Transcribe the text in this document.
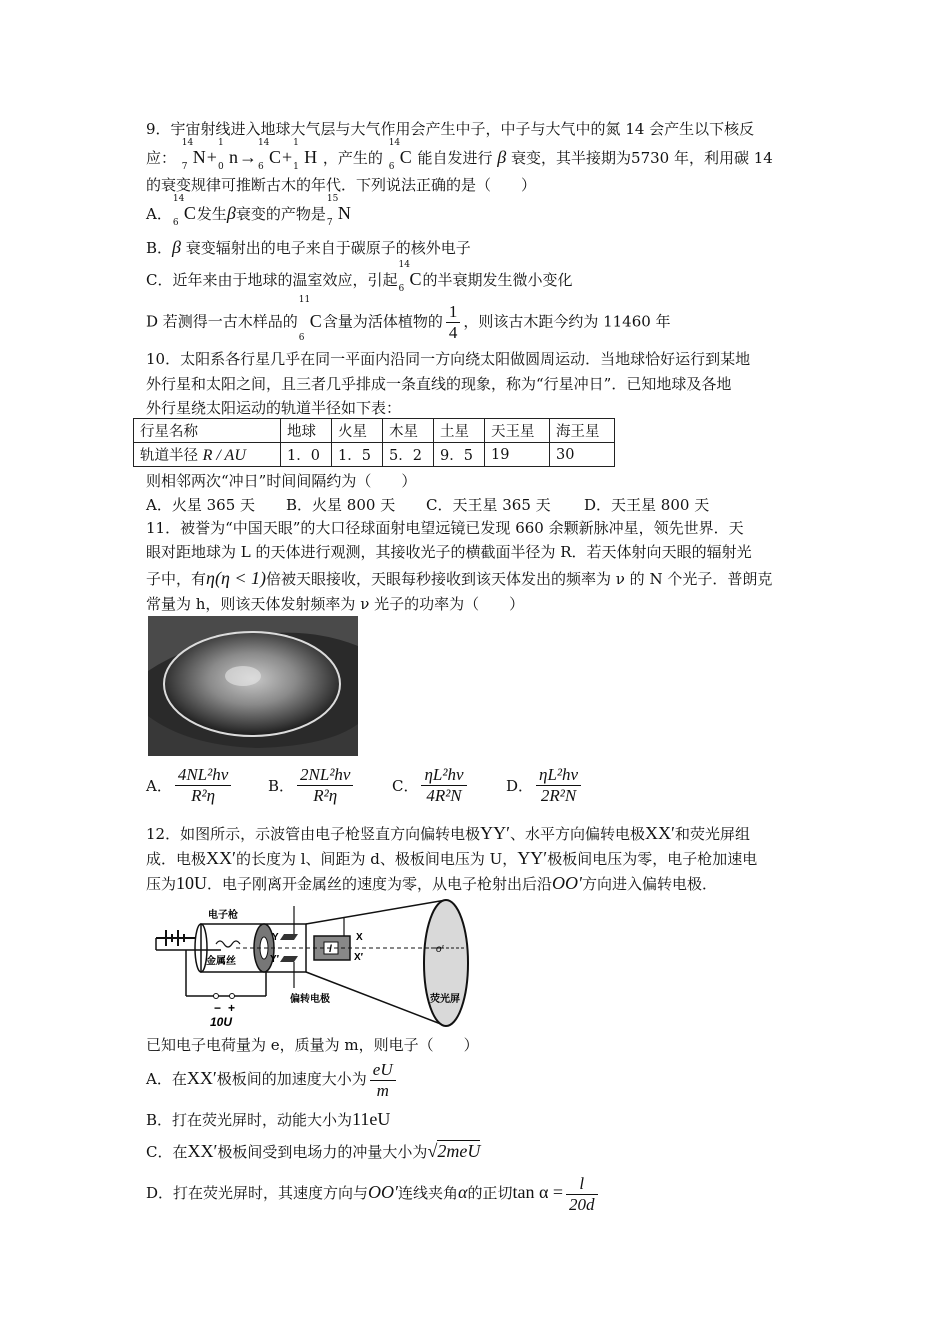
9．宇宙射线进入地球大气层与大气作用会产生中子，中子与大气中的氮 14 会产生以下核反
应：
14
7 N+
1
0 n→
14
6 C+
1
1 H ，产生的
14
6 C 能自发进行 β 衰变，其半接期为5730 年，利用碳 14
的衰变规律可推断古木的年代．下列说法正确的是（　　）
A．
14
6 C发生β衰变的产物是
15
7 N
B．β 衰变辐射出的电子来自于碳原子的核外电子
C．近年来由于地球的温室效应，引起
14
6 C的半衰期发生微小变化
D 若测得一古木样品的
11
6
C含量为活体植物的 $\frac{1}{4}$ ，则该古木距今约为 11460 年
10．太阳系各行星几乎在同一平面内沿同一方向绕太阳做圆周运动．当地球恰好运行到某地
外行星和太阳之间，且三者几乎排成一条直线的现象，称为“行星冲日”．已知地球及各地
外行星绕太阳运动的轨道半径如下表：
行星名称	地球	火星	木星	土星	天王星	海王星
轨道半径 R / AU	1．0	1．5	5．2	9．5	19	30
则相邻两次“冲日”时间间隔约为（　　）
A．火星 365 天 B．火星 800 天 C．天王星 365 天 D．天王星 800 天
11．被誉为“中国天眼”的大口径球面射电望远镜已发现 660 余颗新脉冲星，领先世界．天
眼对距地球为 L 的天体进行观测，其接收光子的横截面半径为 R．若天体射向天眼的辐射光
子中，有η(η < 1)倍被天眼接收，天眼每秒接收到该天体发出的频率为 ν 的 N 个光子．普朗克
常量为 h，则该天体发射频率为 ν 光子的功率为（　　）
A． $\frac{\text{4NL²hν}}{\text{R²η}}$ B． $\frac{\text{2NL²hν}}{\text{R²η}}$	C． $\frac{\text{ηL²hν}}{\text{4R²N}}$	D． $\frac{\text{ηL²hν}}{\text{2R²N}}$
12．如图所示，示波管由电子枪竖直方向偏转电极YY′、水平方向偏转电极XX′和荧光屏组
成．电极XX′的长度为 l、间距为 d、极板间电压为 U，YY′极板间电压为零，电子枪加速电
压为10U．电子刚离开金属丝的速度为零，从电子枪射出后沿OO′方向进入偏转电极．
电子枪
金属丝
Y
Y′
X
X′
l	o′
偏转电极	荧光屏
− +
10U
已知电子电荷量为 e，质量为 m，则电子（　　）
A．在XX′极板间的加速度大小为 $\frac{eU}{m}$
B．打在荧光屏时，动能大小为11eU
C．在XX′极板间受到电场力的冲量大小为√2meU
D．打在荧光屏时，其速度方向与OO′连线夹角α的正切$\tan \alpha = \frac{l}{20d}$
